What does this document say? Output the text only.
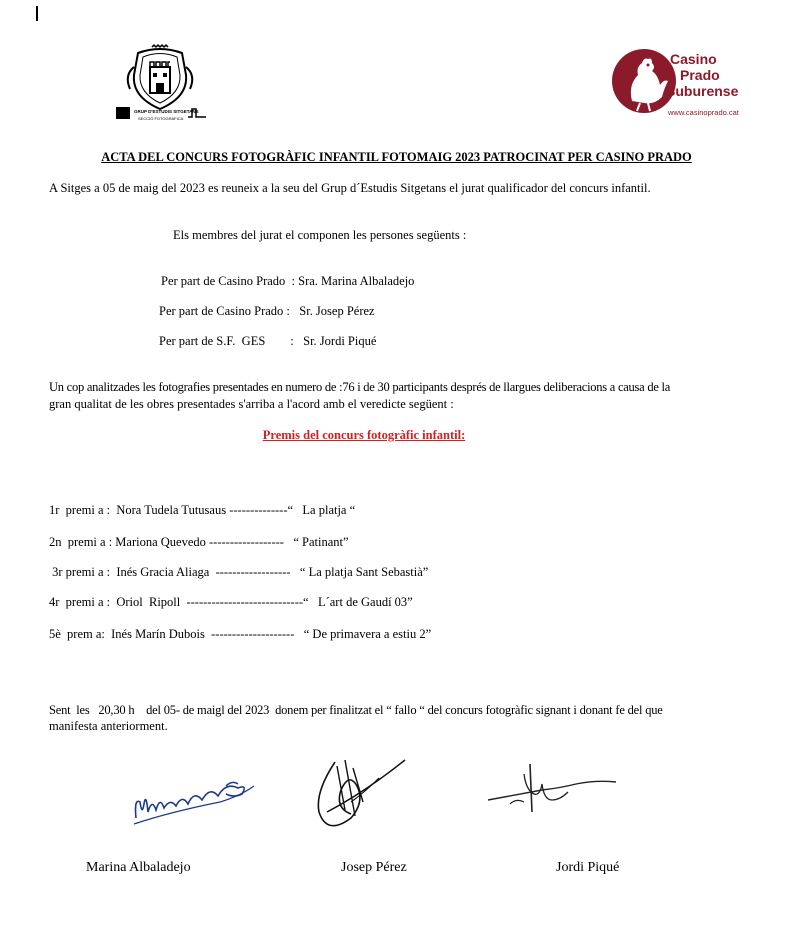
GRUP D'ESTUDIS SITGETANS
SECCIÓ FOTOGRÀFICA
Casino
Prado
Suburense
www.casinoprado.cat
ACTA DEL CONCURS FOTOGRÀFIC INFANTIL FOTOMAIG 2023 PATROCINAT PER CASINO PRADO
A Sitges a 05 de maig del 2023 es reuneix a la seu del Grup d´Estudis Sitgetans el jurat qualificador del concurs infantil.
Els membres del jurat el componen les persones següents :
Per part de Casino Prado  : Sra. Marina Albaladejo
Per part de Casino Prado :   Sr. Josep Pérez
Per part de S.F.  GES        :   Sr. Jordi Piqué
Un cop analitzades les fotografies presentades en numero de :76 i de 30 participants després de llargues deliberacions a causa de la
gran qualitat de les obres presentades s'arriba a l'acord amb el veredicte següent :
Premis del concurs fotogràfic infantil:
1r  premi a :  Nora Tudela Tutusaus --------------“   La platja “
2n  premi a : Mariona Quevedo ------------------   “ Patinant”
3r premi a :  Inés Gracia Aliaga  ------------------   “ La platja Sant Sebastià”
4r  premi a :  Oriol  Ripoll  ----------------------------“   L´art de Gaudí 03”
5è  prem a:  Inés Marín Dubois  --------------------   “ De primavera a estiu 2”
Sent  les   20,30 h    del 05- de maigl del 2023  donem per finalitzat el “ fallo “ del concurs fotogràfic signant i donant fe del que
manifesta anteriorment.
Marina Albaladejo	Josep Pérez	Jordi Piqué
